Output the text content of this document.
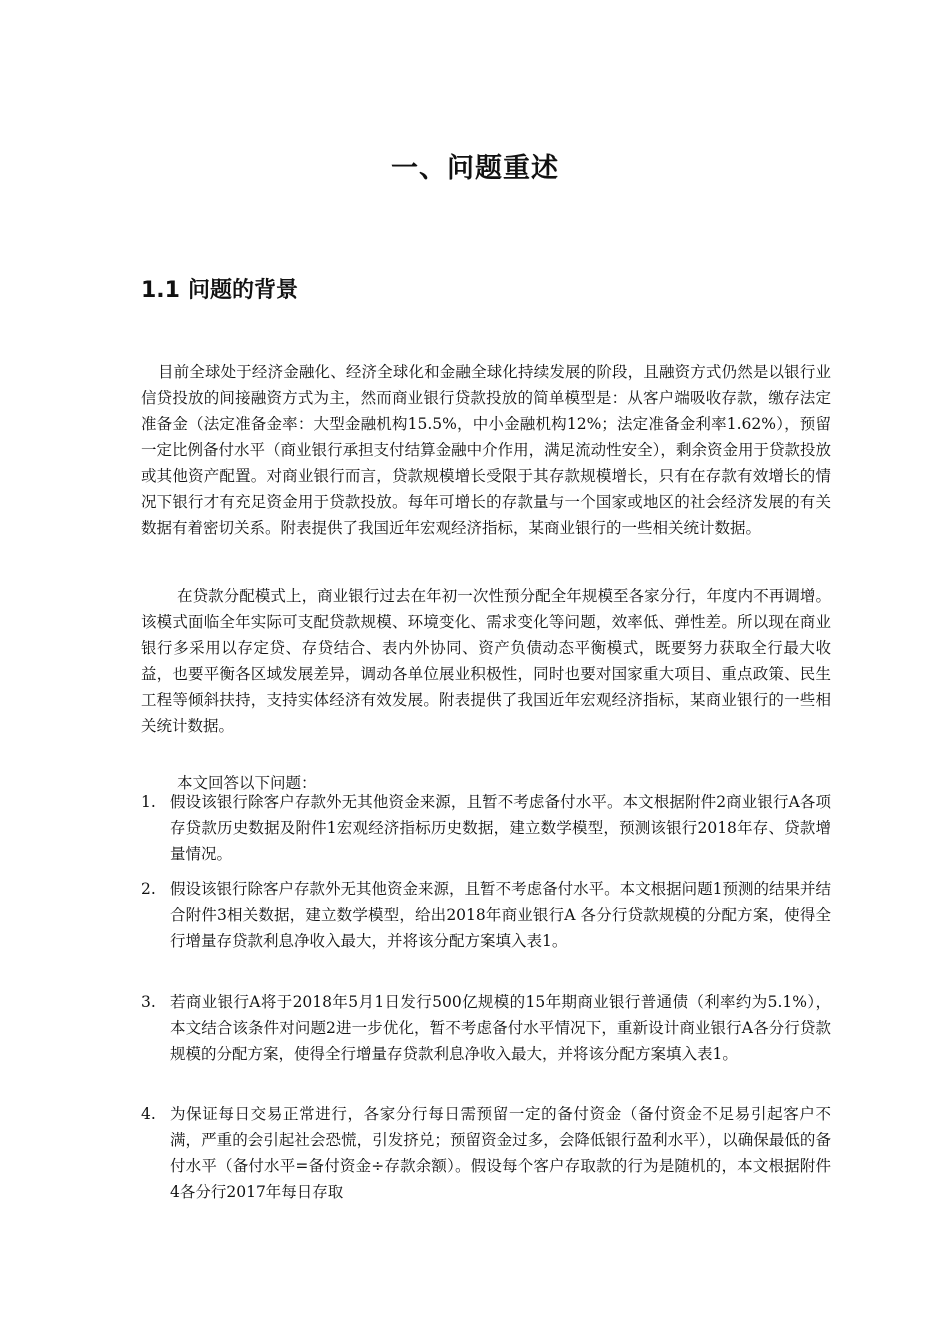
一、问题重述
1.1 问题的背景

目前全球处于经济金融化、经济全球化和金融全球化持续发展的阶段，且融资方式仍然是以银行业信贷投放的间接融资方式为主，然而商业银行贷款投放的简单模型是：从客户端吸收存款，缴存法定准备金（法定准备金率：大型金融机构15.5%，中小金融机构12%；法定准备金利率1.62%），预留一定比例备付水平（商业银行承担支付结算金融中介作用，满足流动性安全），剩余资金用于贷款投放或其他资产配置。对商业银行而言，贷款规模增长受限于其存款规模增长，只有在存款有效增长的情况下银行才有充足资金用于贷款投放。每年可增长的存款量与一个国家或地区的社会经济发展的有关数据有着密切关系。附表提供了我国近年宏观经济指标，某商业银行的一些相关统计数据。

在贷款分配模式上，商业银行过去在年初一次性预分配全年规模至各家分行，年度内不再调增。该模式面临全年实际可支配贷款规模、环境变化、需求变化等问题，效率低、弹性差。所以现在商业银行多采用以存定贷、存贷结合、表内外协同、资产负债动态平衡模式，既要努力获取全行最大收益，也要平衡各区域发展差异，调动各单位展业积极性，同时也要对国家重大项目、重点政策、民生工程等倾斜扶持，支持实体经济有效发展。附表提供了我国近年宏观经济指标，某商业银行的一些相关统计数据。

本文回答以下问题：

1. 假设该银行除客户存款外无其他资金来源，且暂不考虑备付水平。本文根据附件2商业银行A各项存贷款历史数据及附件1宏观经济指标历史数据，建立数学模型，预测该银行2018年存、贷款增量情况。
2. 假设该银行除客户存款外无其他资金来源，且暂不考虑备付水平。本文根据问题1预测的结果并结合附件3相关数据，建立数学模型，给出2018年商业银行A 各分行贷款规模的分配方案，使得全行增量存贷款利息净收入最大，并将该分配方案填入表1。
3. 若商业银行A将于2018年5月1日发行500亿规模的15年期商业银行普通债（利率约为5.1%），本文结合该条件对问题2进一步优化，暂不考虑备付水平情况下，重新设计商业银行A各分行贷款规模的分配方案，使得全行增量存贷款利息净收入最大，并将该分配方案填入表1。
4. 为保证每日交易正常进行，各家分行每日需预留一定的备付资金（备付资金不足易引起客户不满，严重的会引起社会恐慌，引发挤兑；预留资金过多，会降低银行盈利水平），以确保最低的备付水平（备付水平=备付资金÷存款余额）。假设每个客户存取款的行为是随机的，本文根据附件4各分行2017年每日存取
